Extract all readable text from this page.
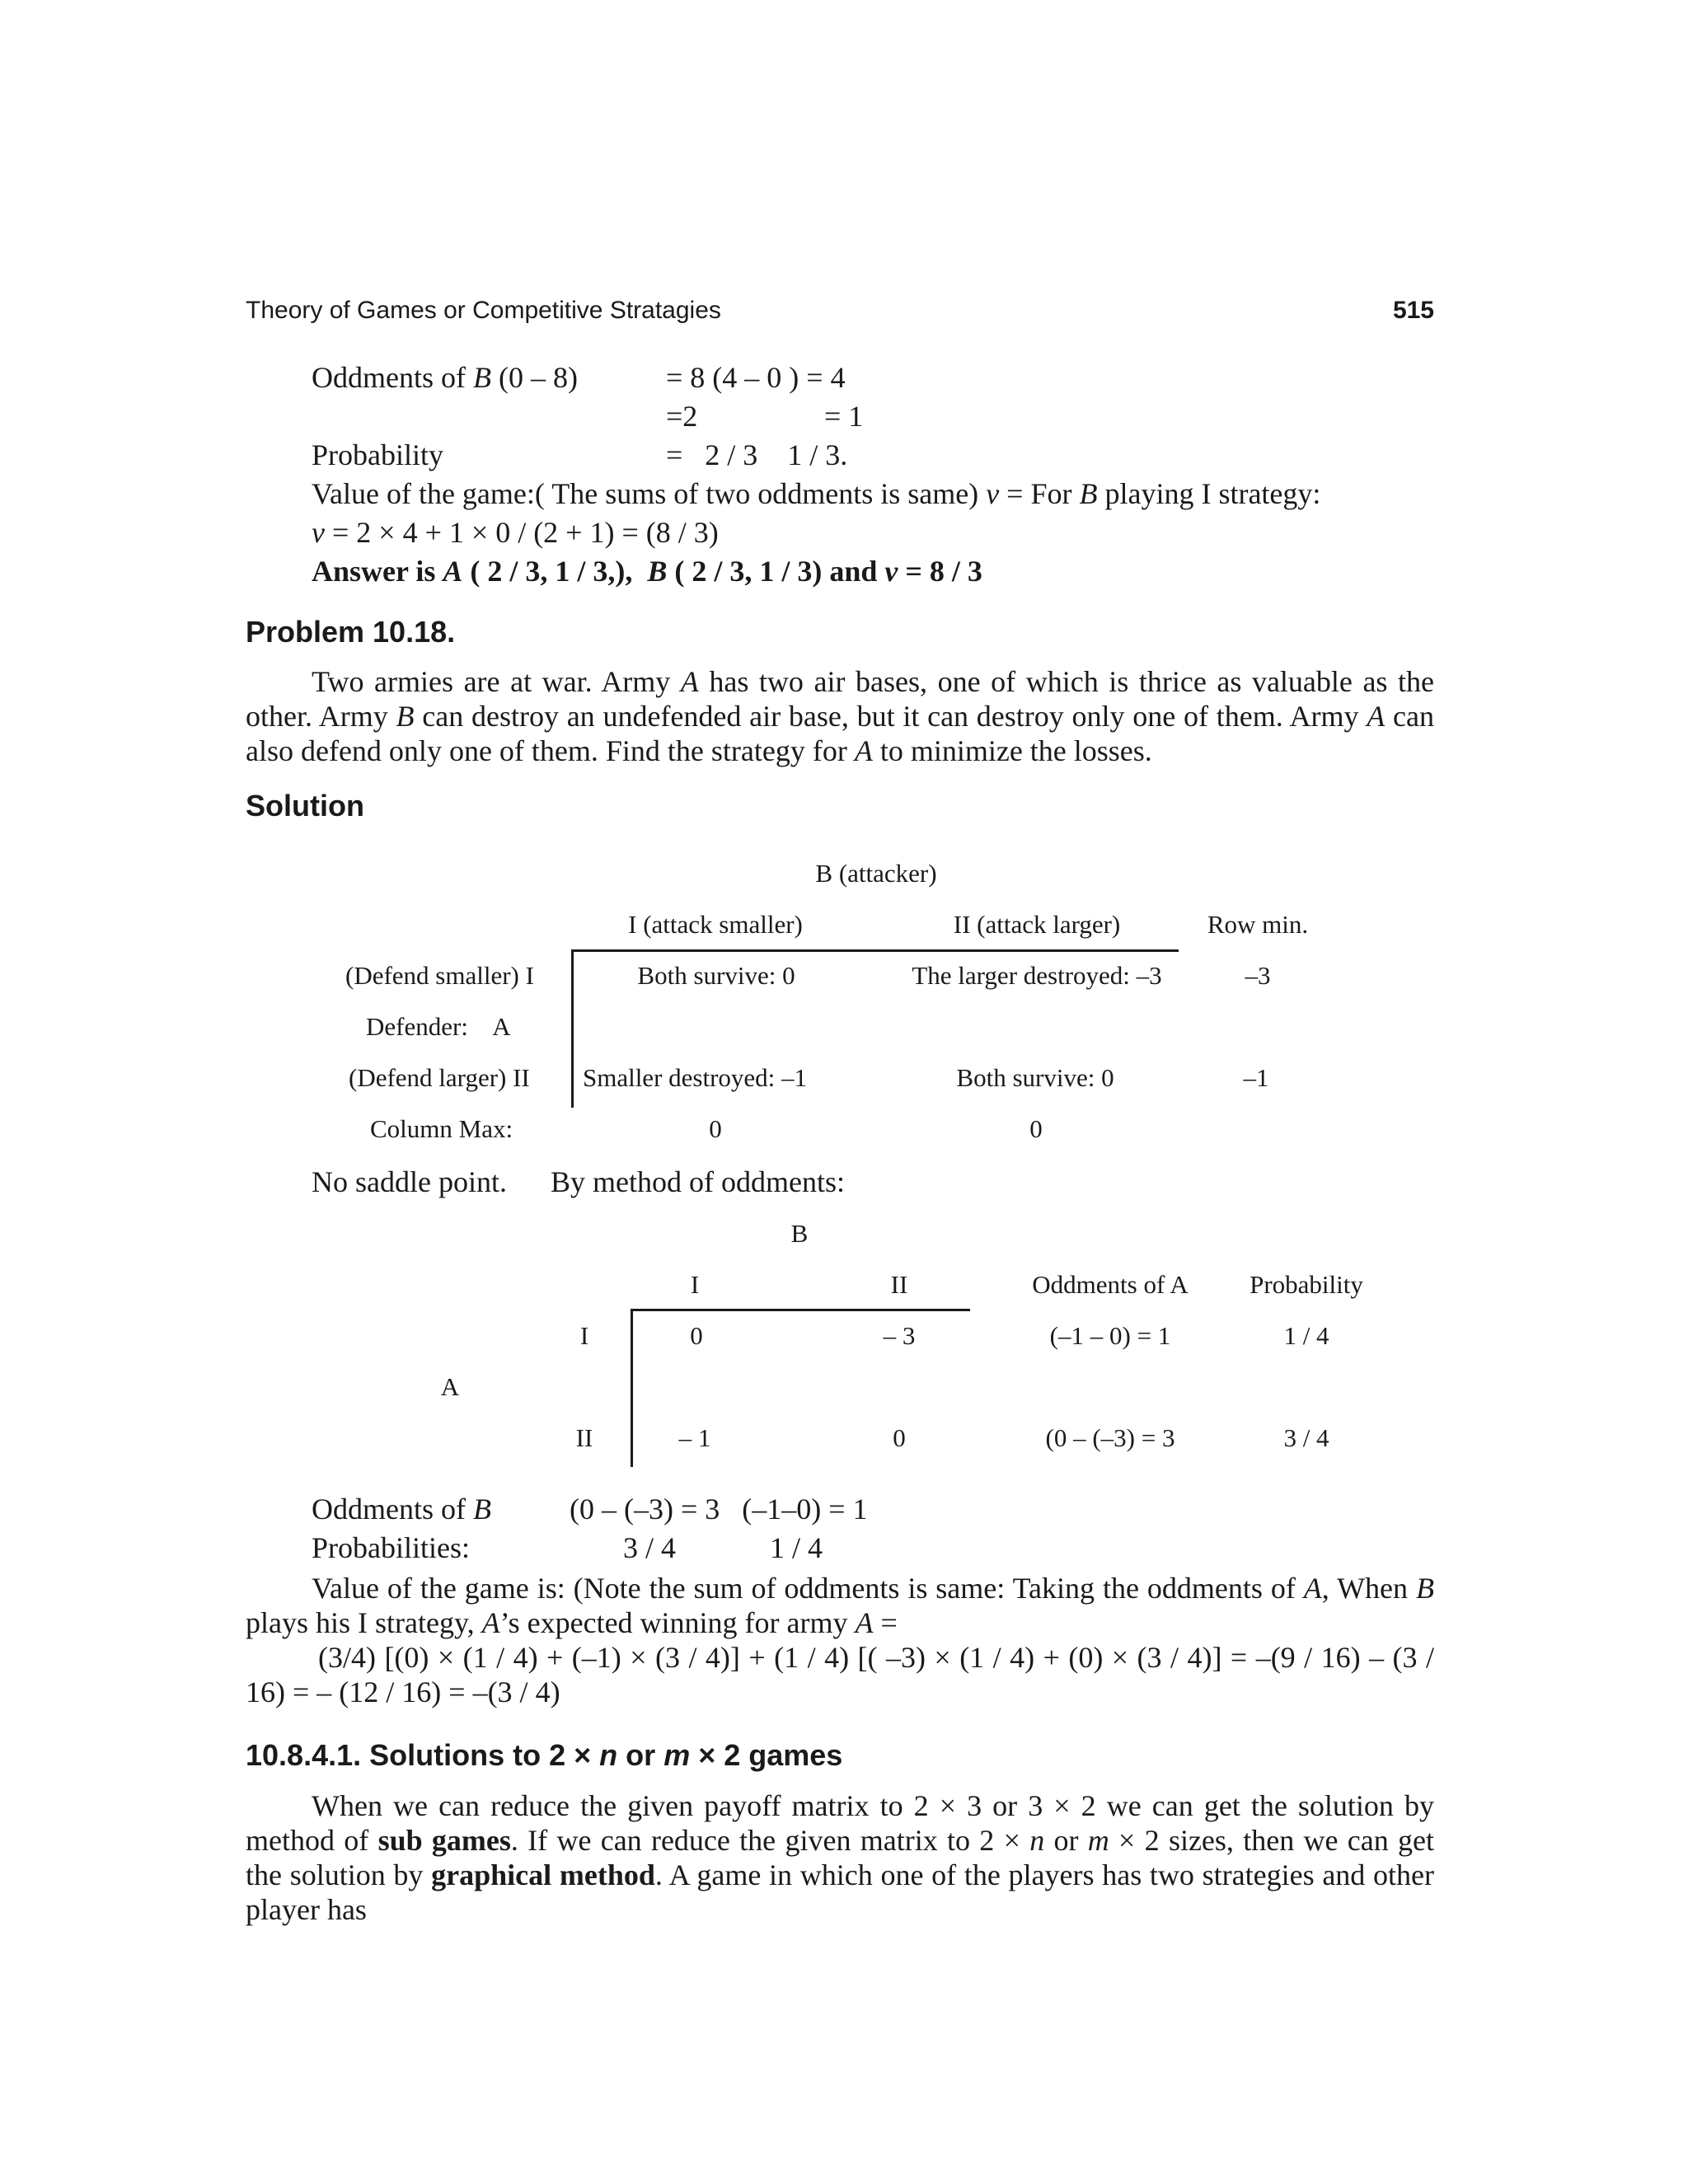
Theory of Games or Competitive Stratagies	515
Oddments of B (0 – 8)	= 8 (4 – 0 ) = 4
=2	= 1
Probability	=   2 / 3    1 / 3.
Value of the game:( The sums of two oddments is same) v = For B playing I strategy:
v = 2 × 4 + 1 × 0 / (2 + 1) = (8 / 3)
Answer is A ( 2 / 3, 1 / 3,), B ( 2 / 3, 1 / 3) and v = 8 / 3
Problem 10.18.
Two armies are at war. Army A has two air bases, one of which is thrice as valuable as the other. Army B can destroy an undefended air base, but it can destroy only one of them. Army A can also defend only one of them. Find the strategy for A to minimize the losses.
Solution
B (attacker)
I (attack smaller)	II (attack larger)	Row min.
(Defend smaller) I	Both survive: 0	The larger destroyed: –3	–3
Defender: A
(Defend larger) II Smaller destroyed: –1	Both survive: 0	–1
Column Max:	0	0
No saddle point. By method of oddments:
B
I	II	Oddments of A Probability
I	0	– 3	(–1 – 0) = 1	1 / 4
A
II	– 1	0	(0 – (–3) = 3	3 / 4
Oddments of B	(0 – (–3) = 3   (–1–0) = 1
Probabilities:	3 / 4	1 / 4
Value of the game is: (Note the sum of oddments is same: Taking the oddments of A, When B plays his I strategy, A’s expected winning for army A =
(3/4) [(0) × (1 / 4) + (–1) × (3 / 4)] + (1 / 4) [( –3) × (1 / 4) + (0) × (3 / 4)] = –(9 / 16) – (3 / 16) = – (12 / 16) = –(3 / 4)
10.8.4.1. Solutions to 2 × n or m × 2 games
When we can reduce the given payoff matrix to 2 × 3 or 3 × 2 we can get the solution by method of sub games. If we can reduce the given matrix to 2 × n or m × 2 sizes, then we can get the solution by graphical method. A game in which one of the players has two strategies and other player has
